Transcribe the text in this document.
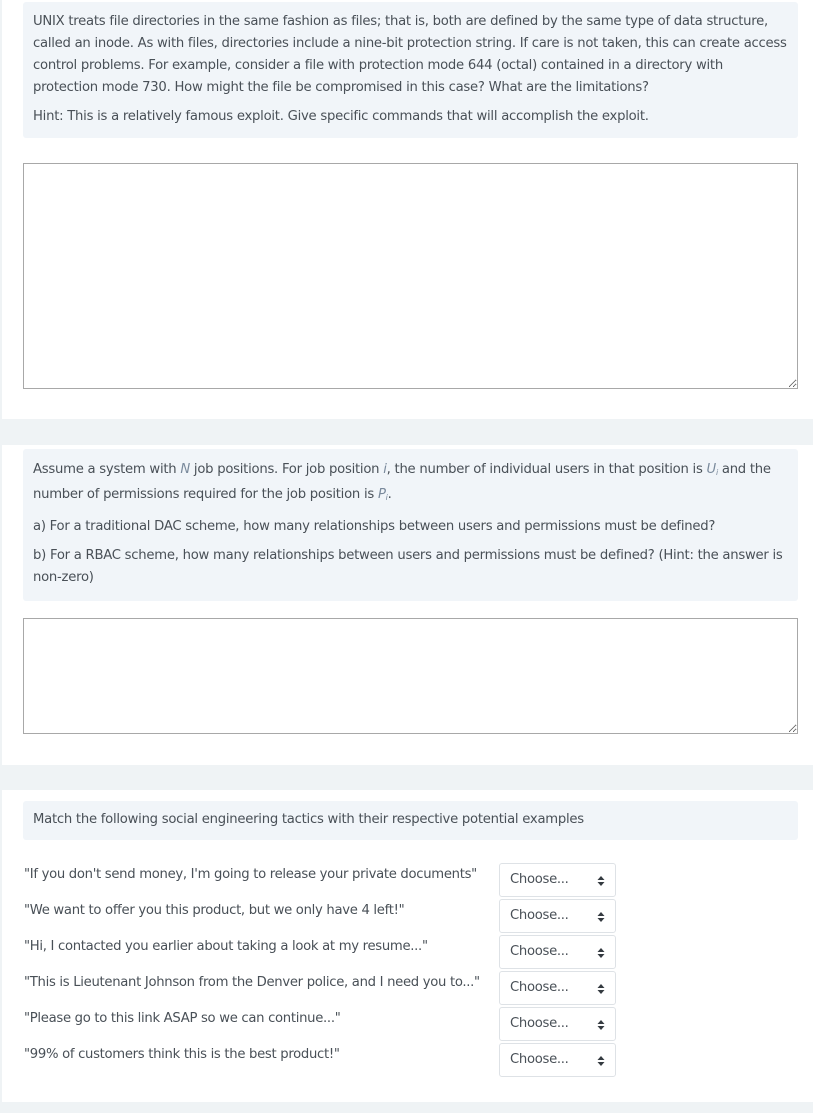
UNIX treats file directories in the same fashion as files; that is, both are defined by the same type of data structure, called an inode. As with files, directories include a nine-bit protection string. If care is not taken, this can create access control problems. For example, consider a file with protection mode 644 (octal) contained in a directory with protection mode 730. How might the file be compromised in this case? What are the limitations?

Hint: This is a relatively famous exploit. Give specific commands that will accomplish the exploit.

Assume a system with N job positions. For job position i, the number of individual users in that position is $U_i$ and the number of permissions required for the job position is $P_i$.

a) For a traditional DAC scheme, how many relationships between users and permissions must be defined?

b) For a RBAC scheme, how many relationships between users and permissions must be defined? (Hint: the answer is non-zero)

Match the following social engineering tactics with their respective potential examples

"If you don't send money, I'm going to release your private documents"	Choose...
"We want to offer you this product, but we only have 4 left!"	Choose...
"Hi, I contacted you earlier about taking a look at my resume..."	Choose...
"This is Lieutenant Johnson from the Denver police, and I need you to..."	Choose...
"Please go to this link ASAP so we can continue..."	Choose...
"99% of customers think this is the best product!"	Choose...
